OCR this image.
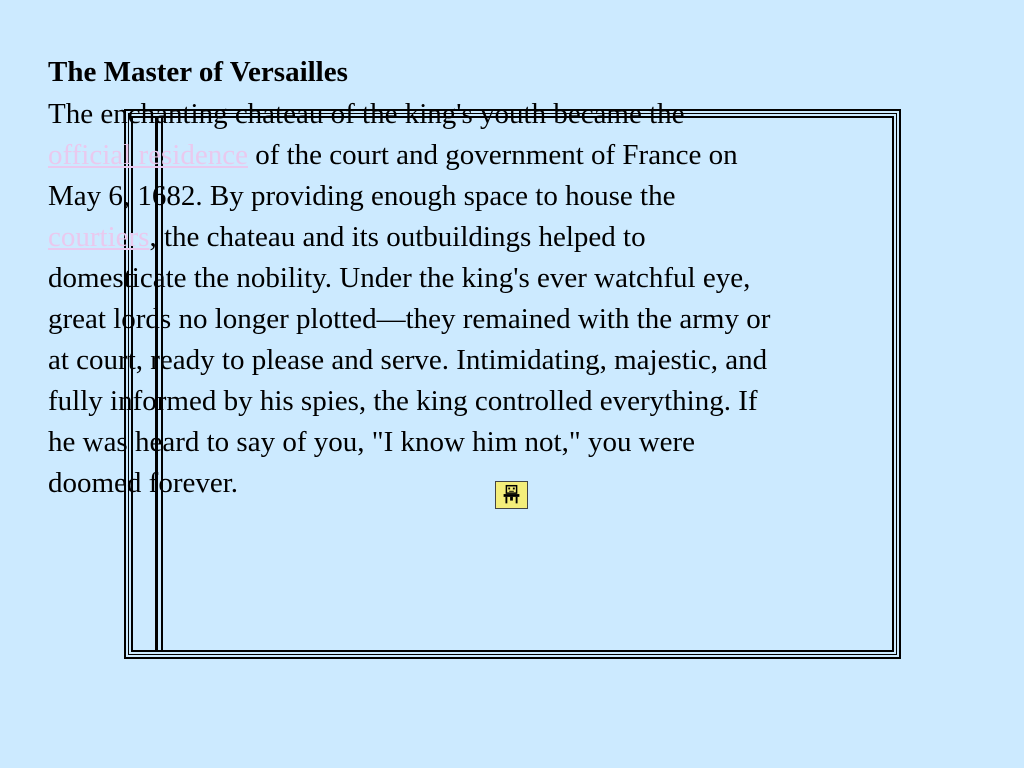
The Master of Versailles
The enchanting chateau of the king's youth became the official residence of the court and government of France on May 6, 1682. By providing enough space to house the courtiers, the chateau and its outbuildings helped to domesticate the nobility. Under the king's ever watchful eye, great lords no longer plotted—they remained with the army or at court, ready to please and serve. Intimidating, majestic, and fully informed by his spies, the king controlled everything. If he was heard to say of you, "I know him not," you were doomed forever.
